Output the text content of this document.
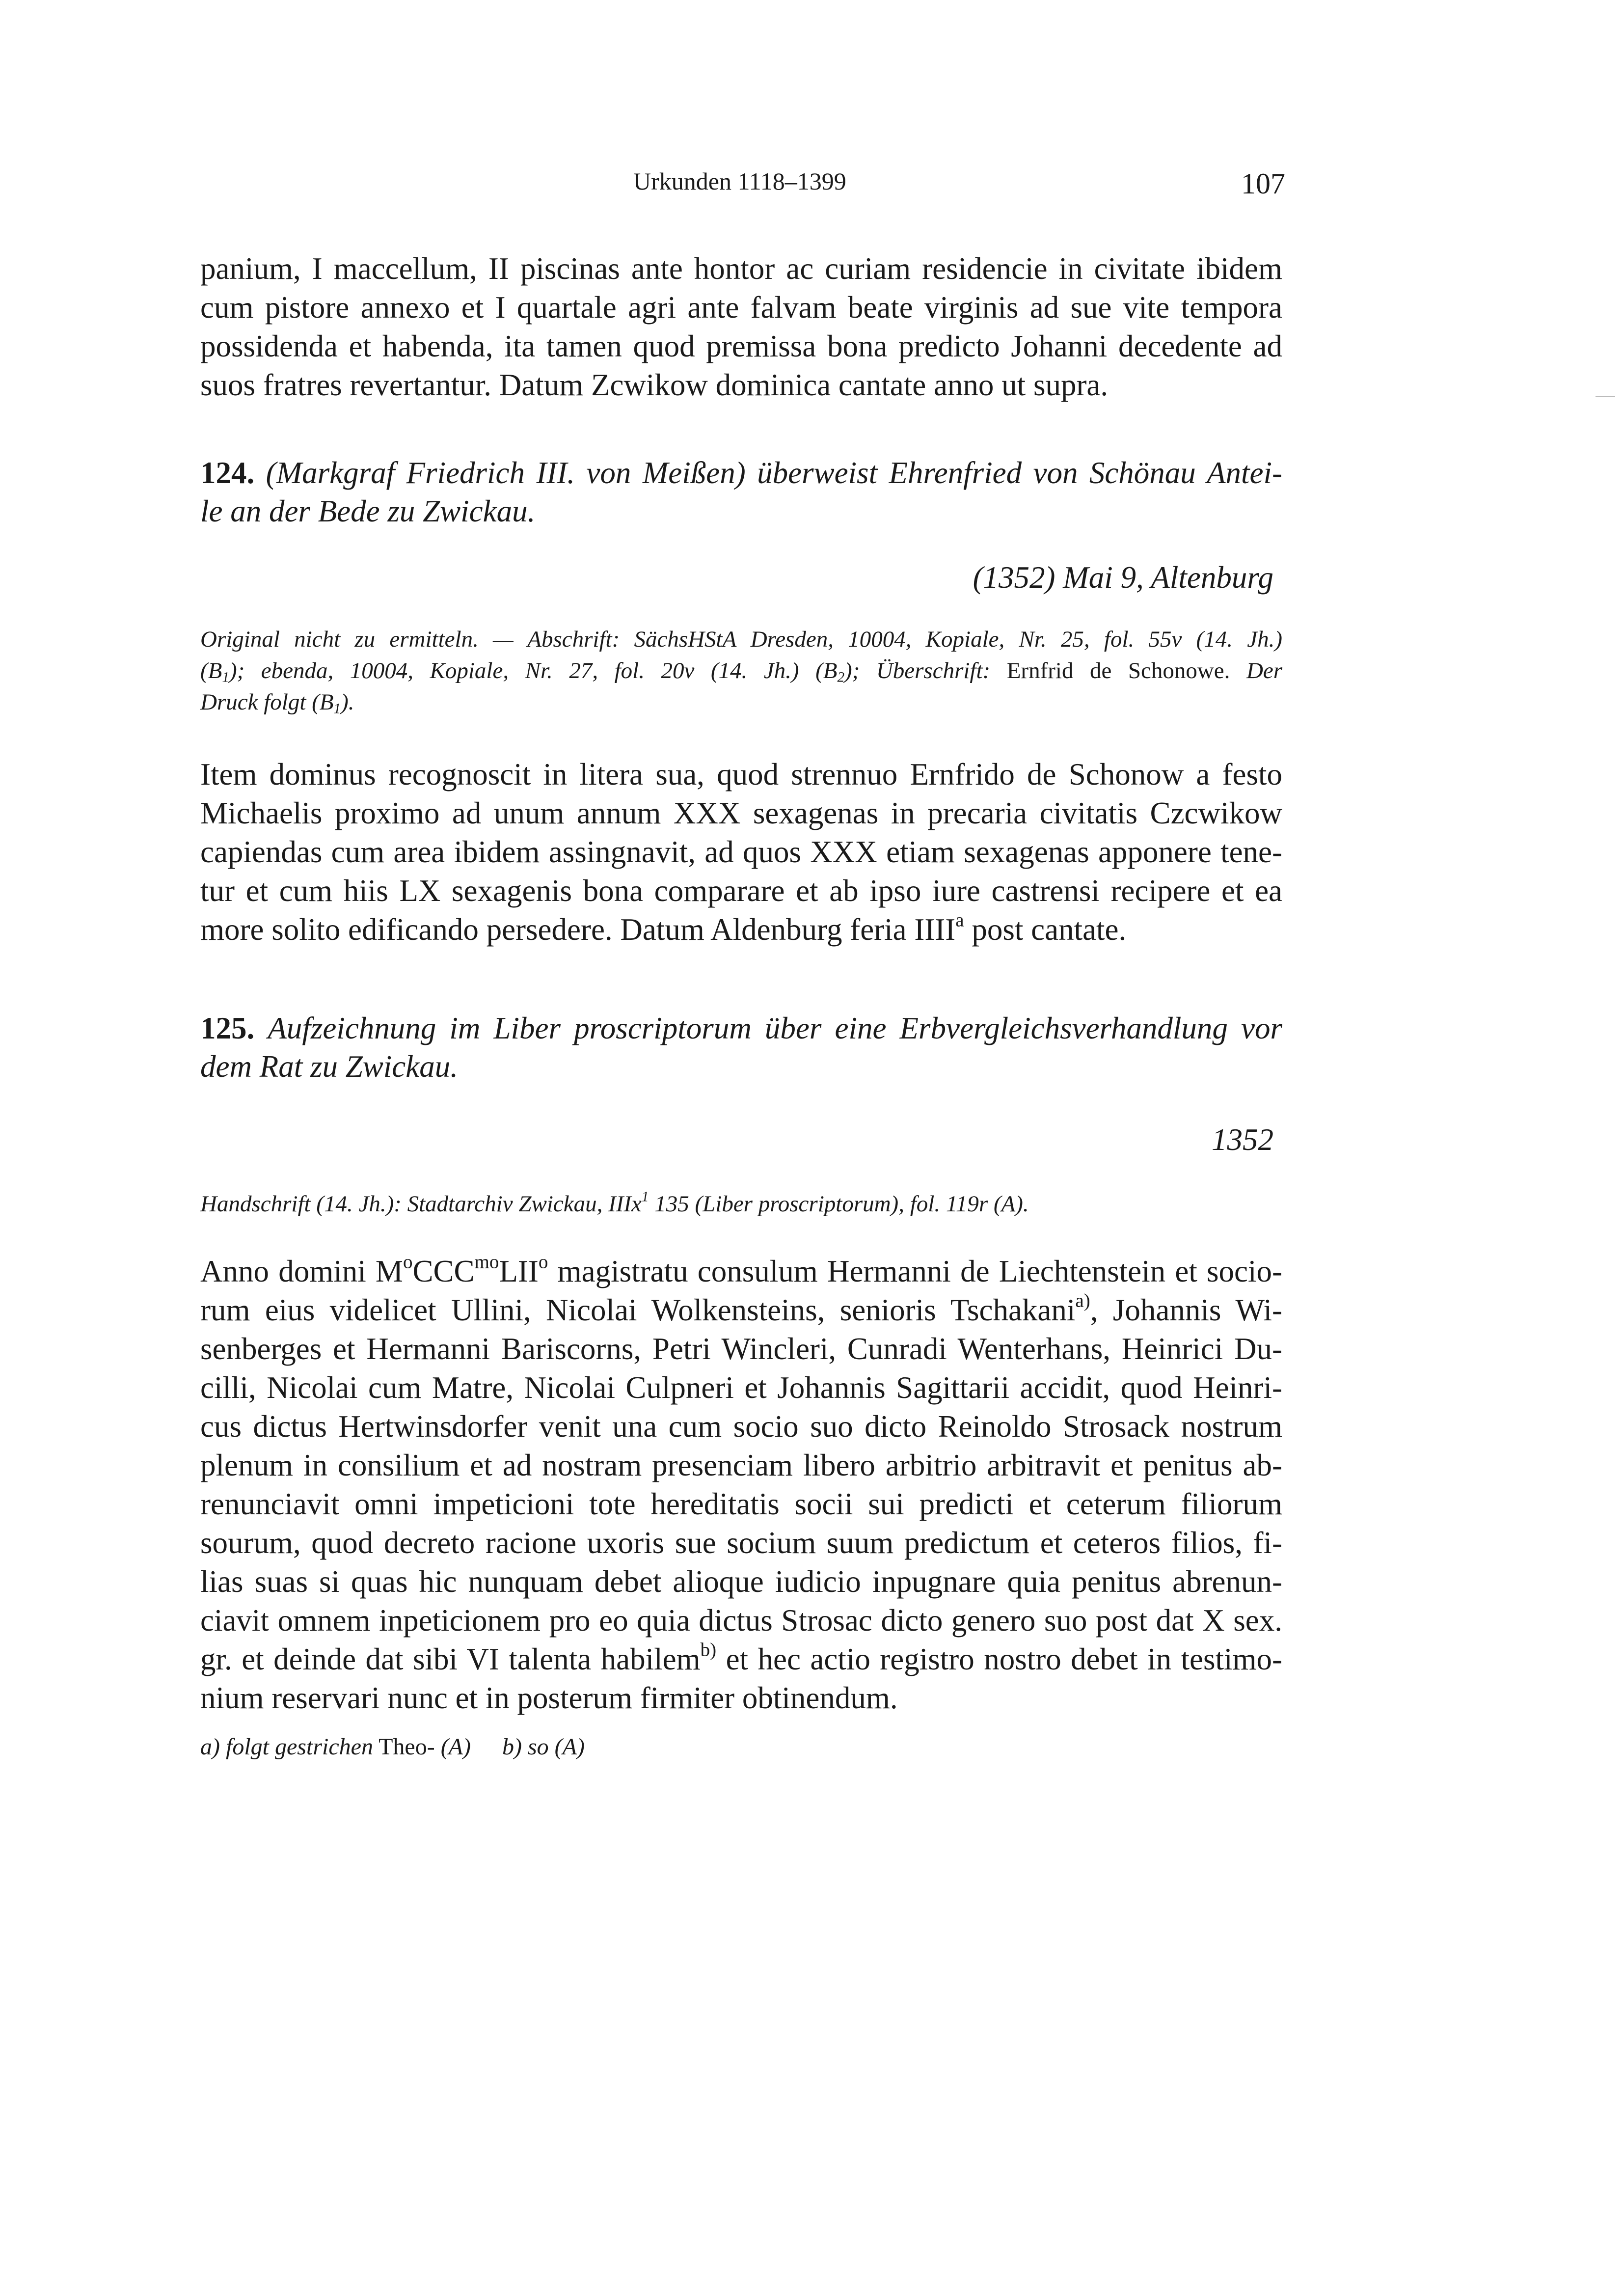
Urkunden 1118–1399	107
panium, I maccellum, II piscinas ante hontor ac curiam residencie in civitate ibidem
cum pistore annexo et I quartale agri ante falvam beate virginis ad sue vite tempora
possidenda et habenda, ita tamen quod premissa bona predicto Johanni decedente ad
suos fratres revertantur. Datum Zcwikow dominica cantate anno ut supra.
124. (Markgraf Friedrich III. von Meißen) überweist Ehrenfried von Schönau Antei-
le an der Bede zu Zwickau.
(1352) Mai 9, Altenburg
Original nicht zu ermitteln. — Abschrift: SächsHStA Dresden, 10004, Kopiale, Nr. 25, fol. 55v (14. Jh.)
$(B_1)$; ebenda, 10004, Kopiale, Nr. 27, fol. 20v (14. Jh.) $(B_2)$; Überschrift: Ernfrid de Schonowe. Der
Druck folgt $(B_1)$.
Item dominus recognoscit in litera sua, quod strennuo Ernfrido de Schonow a festo
Michaelis proximo ad unum annum XXX sexagenas in precaria civitatis Czcwikow
capiendas cum area ibidem assingnavit, ad quos XXX etiam sexagenas apponere tene-
tur et cum hiis LX sexagenis bona comparare et ab ipso iure castrensi recipere et ea
more solito edificando persedere. Datum Aldenburg feria IIII$^a$ post cantate.
125. Aufzeichnung im Liber proscriptorum über eine Erbvergleichsverhandlung vor
dem Rat zu Zwickau.
1352
Handschrift (14. Jh.): Stadtarchiv Zwickau, IIIx$^1$ 135 (Liber proscriptorum), fol. 119r (A).
Anno domini $M^oCCC^{mo}LII^o$ magistratu consulum Hermanni de Liechtenstein et socio-
rum eius videlicet Ullini, Nicolai Wolkensteins, senioris Tschakani$^{a)}$, Johannis Wi-
senberges et Hermanni Bariscorns, Petri Wincleri, Cunradi Wenterhans, Heinrici Du-
cilli, Nicolai cum Matre, Nicolai Culpneri et Johannis Sagittarii accidit, quod Heinri-
cus dictus Hertwinsdorfer venit una cum socio suo dicto Reinoldo Strosack nostrum
plenum in consilium et ad nostram presenciam libero arbitrio arbitravit et penitus ab-
renunciavit omni impeticioni tote hereditatis socii sui predicti et ceterum filiorum
sourum, quod decreto racione uxoris sue socium suum predictum et ceteros filios, fi-
lias suas si quas hic nunquam debet alioque iudicio inpugnare quia penitus abrenun-
ciavit omnem inpeticionem pro eo quia dictus Strosac dicto genero suo post dat X sex.
gr. et deinde dat sibi VI talenta habilem$^{b)}$ et hec actio registro nostro debet in testimo-
nium reservari nunc et in posterum firmiter obtinendum.
a) folgt gestrichen Theo- (A) b) so (A)
